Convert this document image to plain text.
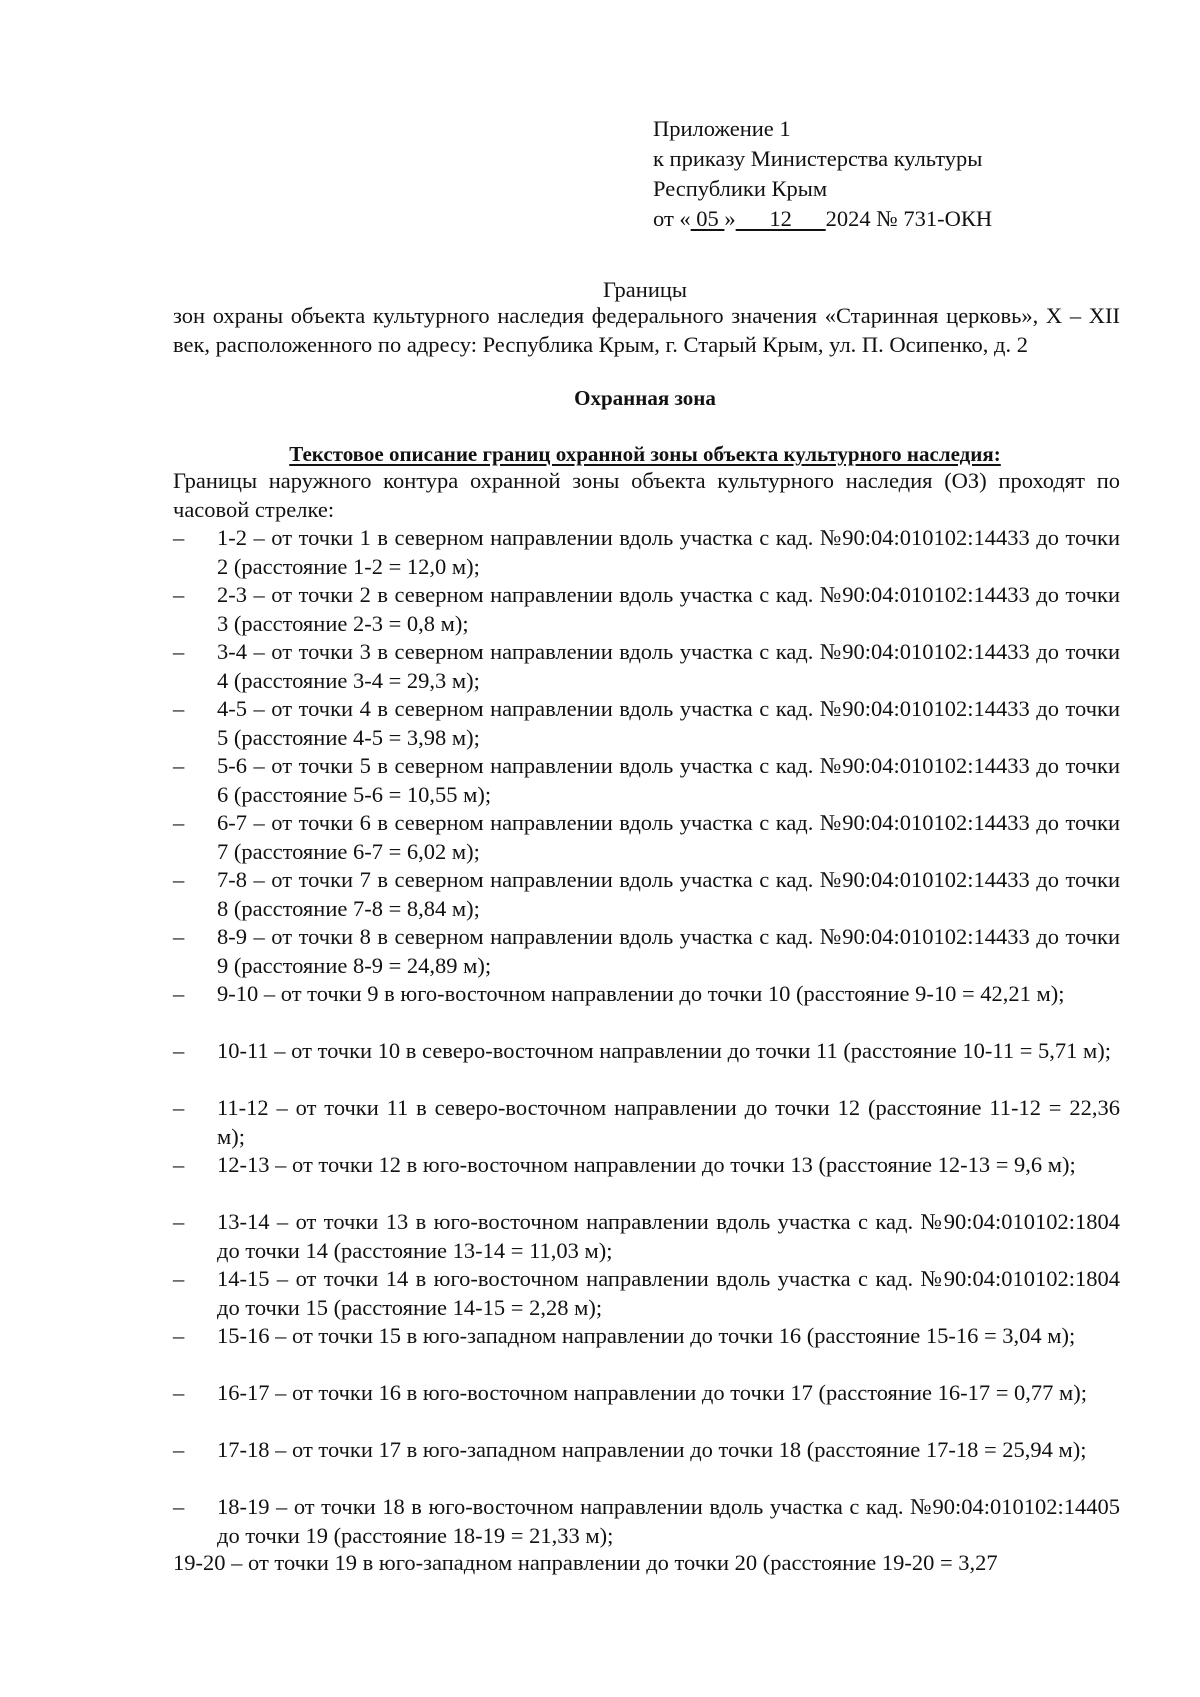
Приложение 1
к приказу Министерства культуры
Республики Крым
от « 05 »      12      2024 № 731-ОКН
Границы
зон охраны объекта культурного наследия федерального значения «Старинная церковь», X – XII век, расположенного по адресу: Республика Крым, г. Старый Крым, ул. П. Осипенко, д. 2
Охранная зона
Текстовое описание границ охранной зоны объекта культурного наследия:
Границы наружного контура охранной зоны объекта культурного наследия (ОЗ) проходят по часовой стрелке:
– 1-2 – от точки 1 в северном направлении вдоль участка с кад. №90:04:010102:14433 до точки 2 (расстояние 1-2 = 12,0 м);
– 2-3 – от точки 2 в северном направлении вдоль участка с кад. №90:04:010102:14433 до точки 3 (расстояние 2-3 = 0,8 м);
– 3-4 – от точки 3 в северном направлении вдоль участка с кад. №90:04:010102:14433 до точки 4 (расстояние 3-4 = 29,3 м);
– 4-5 – от точки 4 в северном направлении вдоль участка с кад. №90:04:010102:14433 до точки 5 (расстояние 4-5 = 3,98 м);
– 5-6 – от точки 5 в северном направлении вдоль участка с кад. №90:04:010102:14433 до точки 6 (расстояние 5-6 = 10,55 м);
– 6-7 – от точки 6 в северном направлении вдоль участка с кад. №90:04:010102:14433 до точки 7 (расстояние 6-7 = 6,02 м);
– 7-8 – от точки 7 в северном направлении вдоль участка с кад. №90:04:010102:14433 до точки 8 (расстояние 7-8 = 8,84 м);
– 8-9 – от точки 8 в северном направлении вдоль участка с кад. №90:04:010102:14433 до точки 9 (расстояние 8-9 = 24,89 м);
– 9-10 – от точки 9 в юго-восточном направлении до точки 10 (расстояние 9-10 = 42,21 м);
– 10-11 – от точки 10 в северо-восточном направлении до точки 11 (расстояние 10-11 = 5,71 м);
– 11-12 – от точки 11 в северо-восточном направлении до точки 12 (расстояние 11-12 = 22,36 м);
– 12-13 – от точки 12 в юго-восточном направлении до точки 13 (расстояние 12-13 = 9,6 м);
– 13-14 – от точки 13 в юго-восточном направлении вдоль участка с кад. №90:04:010102:1804 до точки 14 (расстояние 13-14 = 11,03 м);
– 14-15 – от точки 14 в юго-восточном направлении вдоль участка с кад. №90:04:010102:1804 до точки 15 (расстояние 14-15 = 2,28 м);
– 15-16 – от точки 15 в юго-западном направлении до точки 16 (расстояние 15-16 = 3,04 м);
– 16-17 – от точки 16 в юго-восточном направлении до точки 17 (расстояние 16-17 = 0,77 м);
– 17-18 – от точки 17 в юго-западном направлении до точки 18 (расстояние 17-18 = 25,94 м);
– 18-19 – от точки 18 в юго-восточном направлении вдоль участка с кад. №90:04:010102:14405 до точки 19 (расстояние 18-19 = 21,33 м);
19-20 – от точки 19 в юго-западном направлении до точки 20 (расстояние 19-20 = 3,27
